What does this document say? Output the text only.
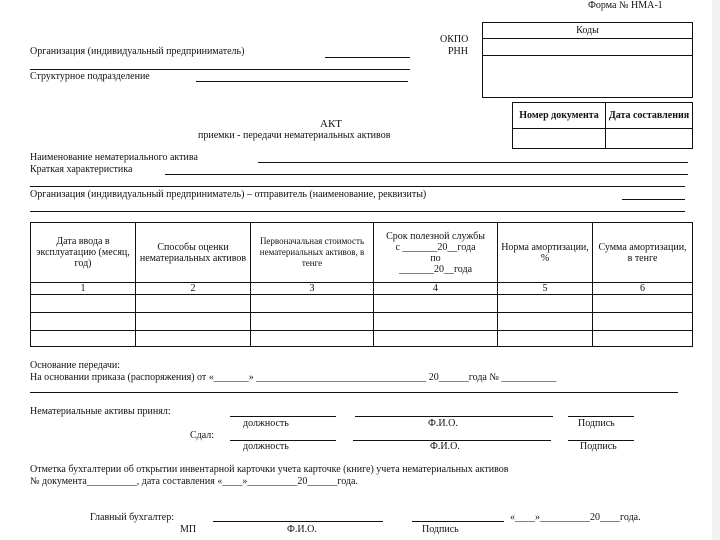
Форма № НМА-1
Коды

ОКПО
РНН
Организация (индивидуальный предприниматель)
Структурное подразделение
Номер документа	Дата составления

АКТ
приемки - передачи нематериальных активов
Наименование нематериального актива
Краткая характеристика
Организация (индивидуальный предприниматель) – отправитель (наименование, реквизиты)
Дата ввода в эксплуатацию (месяц, год)	Способы оценки нематериальных активов	Первоначальная стоимость нематериальных активов, в тенге	Срок полезной службы
с _______20__года
по
_______20__года	Норма амортизации, %	Сумма амортизации, в тенге
1	2	3	4	5	6

Основание передачи:
На основании приказа (распоряжения) от «_______» __________________________________ 20______года № ___________
Нематериальные активы принял:
должность	Ф.И.О.	Подпись
Сдал:
должность	Ф.И.О.	Подпись
Отметка бухгалтерии об открытии инвентарной карточки учета карточке (книге) учета нематериальных активов
№ документа__________, дата составления «____»__________20______года.
Главный бухгалтер:	«____»__________20____года.
МП	Ф.И.О.	Подпись
